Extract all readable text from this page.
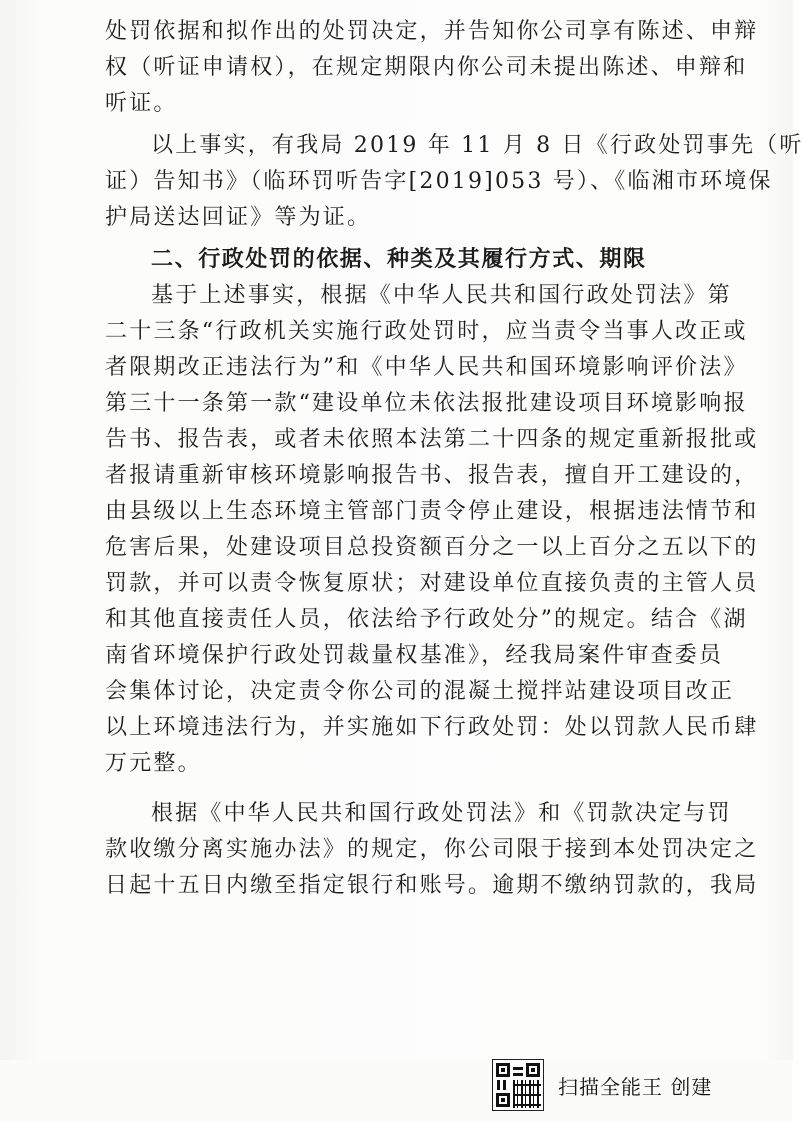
处罚依据和拟作出的处罚决定，并告知你公司享有陈述、申辩
权（听证申请权），在规定期限内你公司未提出陈述、申辩和
听证。
以上事实，有我局 2019 年 11 月 8 日《行政处罚事先（听
证）告知书》（临环罚听告字[2019]053 号）、《临湘市环境保
护局送达回证》等为证。
二、行政处罚的依据、种类及其履行方式、期限
基于上述事实，根据《中华人民共和国行政处罚法》第
二十三条“行政机关实施行政处罚时，应当责令当事人改正或
者限期改正违法行为”和《中华人民共和国环境影响评价法》
第三十一条第一款“建设单位未依法报批建设项目环境影响报
告书、报告表，或者未依照本法第二十四条的规定重新报批或
者报请重新审核环境影响报告书、报告表，擅自开工建设的，
由县级以上生态环境主管部门责令停止建设，根据违法情节和
危害后果，处建设项目总投资额百分之一以上百分之五以下的
罚款，并可以责令恢复原状；对建设单位直接负责的主管人员
和其他直接责任人员，依法给予行政处分”的规定。结合《湖
南省环境保护行政处罚裁量权基准》，经我局案件审查委员
会集体讨论，决定责令你公司的混凝土搅拌站建设项目改正
以上环境违法行为，并实施如下行政处罚：处以罚款人民币肆
万元整。
根据《中华人民共和国行政处罚法》和《罚款决定与罚
款收缴分离实施办法》的规定，你公司限于接到本处罚决定之
日起十五日内缴至指定银行和账号。逾期不缴纳罚款的，我局
扫描全能王 创建
